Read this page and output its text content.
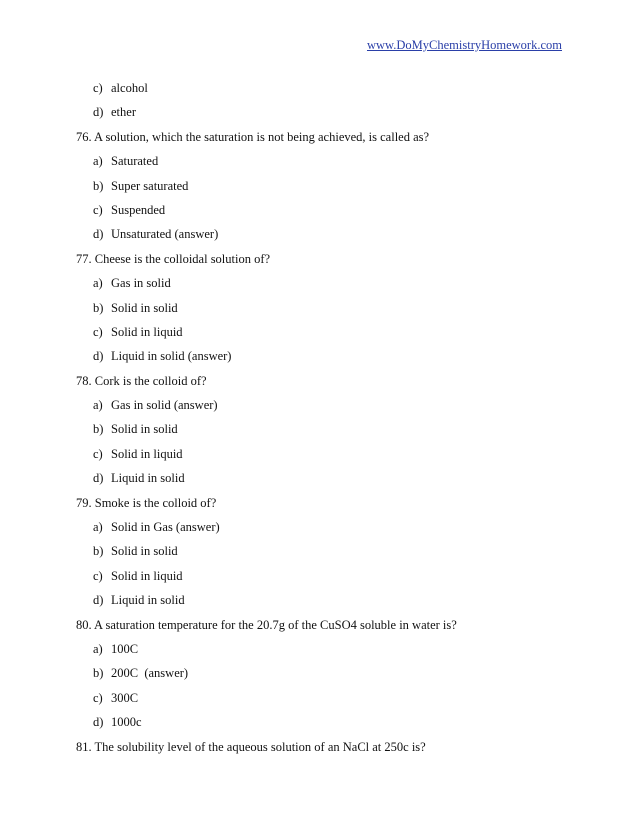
www.DoMyChemistryHomework.com
c) alcohol
d) ether
76. A solution, which the saturation is not being achieved, is called as?
a) Saturated
b) Super saturated
c) Suspended
d) Unsaturated (answer)
77. Cheese is the colloidal solution of?
a) Gas in solid
b) Solid in solid
c) Solid in liquid
d) Liquid in solid (answer)
78. Cork is the colloid of?
a) Gas in solid (answer)
b) Solid in solid
c) Solid in liquid
d) Liquid in solid
79. Smoke is the colloid of?
a) Solid in Gas (answer)
b) Solid in solid
c) Solid in liquid
d) Liquid in solid
80. A saturation temperature for the 20.7g of the CuSO4 soluble in water is?
a) 100C
b) 200C  (answer)
c) 300C
d) 1000c
81. The solubility level of the aqueous solution of an NaCl at 250c is?
